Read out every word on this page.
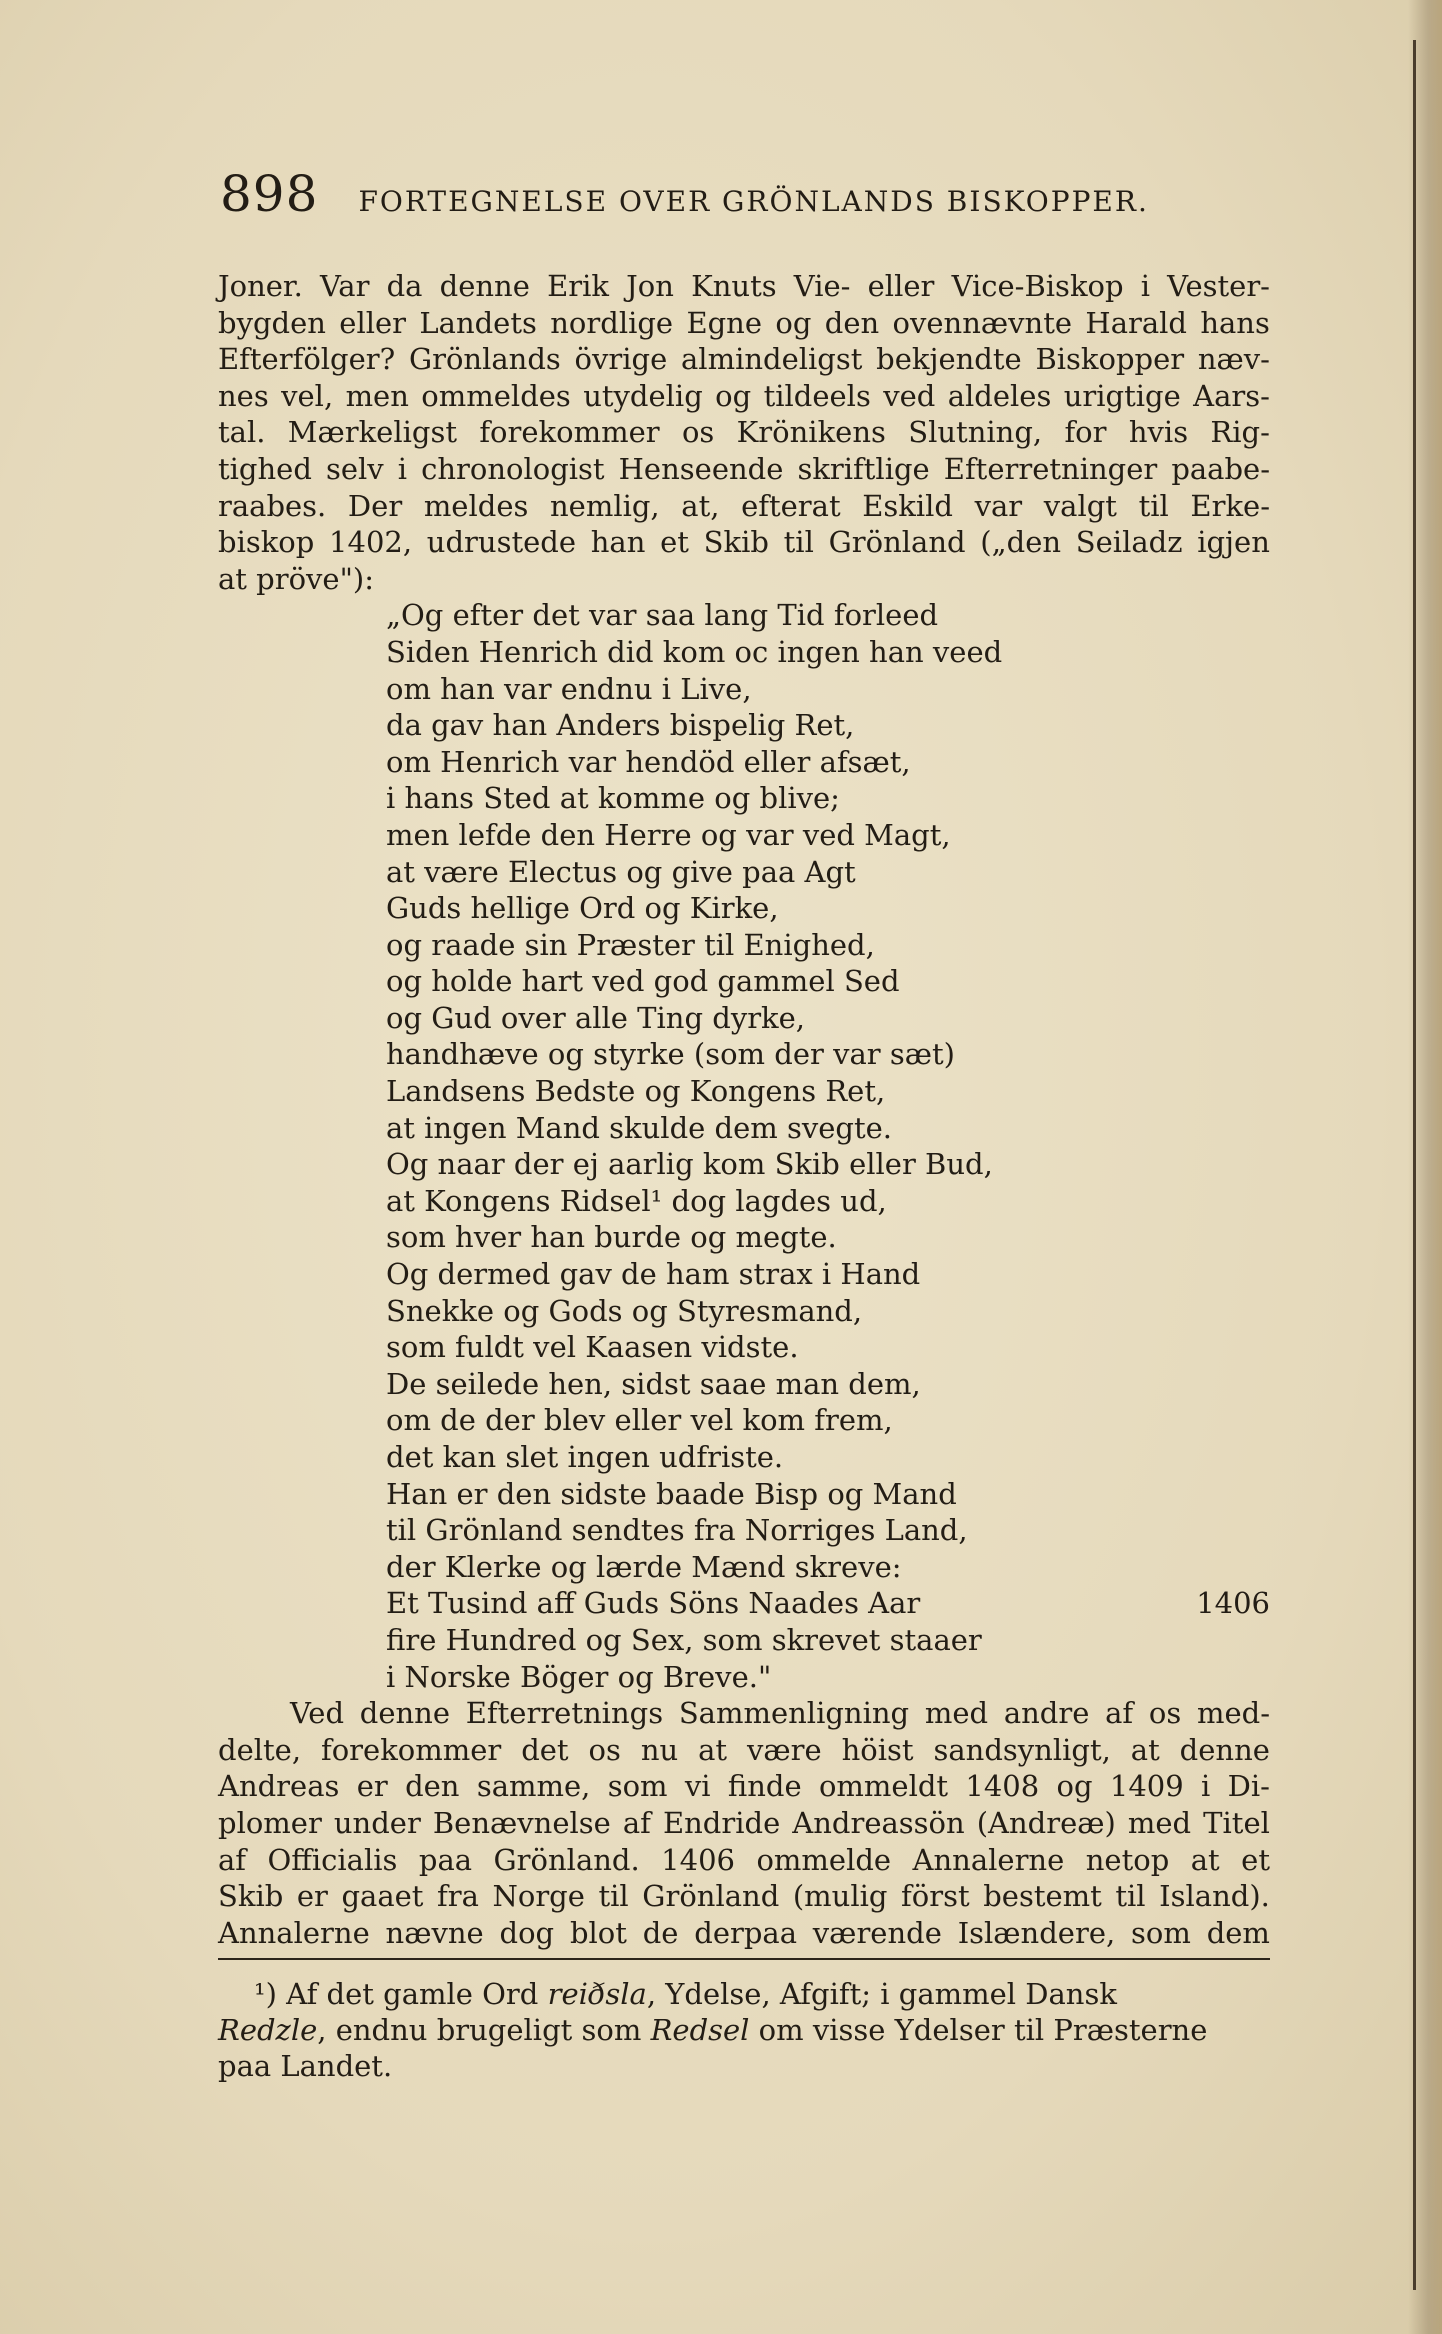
898 FORTEGNELSE OVER GRÖNLANDS BISKOPPER.
Joner. Var da denne Erik Jon Knuts Vie- eller Vice-Biskop i Vester-
bygden eller Landets nordlige Egne og den ovennævnte Harald hans
Efterfölger? Grönlands övrige almindeligst bekjendte Biskopper næv-
nes vel, men ommeldes utydelig og tildeels ved aldeles urigtige Aars-
tal. Mærkeligst forekommer os Krönikens Slutning, for hvis Rig-
tighed selv i chronologist Henseende skriftlige Efterretninger paabe-
raabes. Der meldes nemlig, at, efterat Eskild var valgt til Erke-
biskop 1402, udrustede han et Skib til Grönland („den Seiladz igjen
at pröve"):
„Og efter det var saa lang Tid forleed
Siden Henrich did kom oc ingen han veed
om han var endnu i Live,
da gav han Anders bispelig Ret,
om Henrich var hendöd eller afsæt,
i hans Sted at komme og blive;
men lefde den Herre og var ved Magt,
at være Electus og give paa Agt
Guds hellige Ord og Kirke,
og raade sin Præster til Enighed,
og holde hart ved god gammel Sed
og Gud over alle Ting dyrke,
handhæve og styrke (som der var sæt)
Landsens Bedste og Kongens Ret,
at ingen Mand skulde dem svegte.
Og naar der ej aarlig kom Skib eller Bud,
at Kongens Ridsel¹ dog lagdes ud,
som hver han burde og megte.
Og dermed gav de ham strax i Hand
Snekke og Gods og Styresmand,
som fuldt vel Kaasen vidste.
De seilede hen, sidst saae man dem,
om de der blev eller vel kom frem,
det kan slet ingen udfriste.
Han er den sidste baade Bisp og Mand
til Grönland sendtes fra Norriges Land,
der Klerke og lærde Mænd skreve:
Et Tusind aff Guds Söns Naades Aar	1406
fire Hundred og Sex, som skrevet staaer
i Norske Böger og Breve."
Ved denne Efterretnings Sammenligning med andre af os med-
delte, forekommer det os nu at være höist sandsynligt, at denne
Andreas er den samme, som vi finde ommeldt 1408 og 1409 i Di-
plomer under Benævnelse af Endride Andreassön (Andreæ) med Titel
af Officialis paa Grönland. 1406 ommelde Annalerne netop at et
Skib er gaaet fra Norge til Grönland (mulig först bestemt til Island).
Annalerne nævne dog blot de derpaa værende Islændere, som dem
¹) Af det gamle Ord reiðsla, Ydelse, Afgift; i gammel Dansk
Redzle, endnu brugeligt som Redsel om visse Ydelser til Præsterne
paa Landet.
